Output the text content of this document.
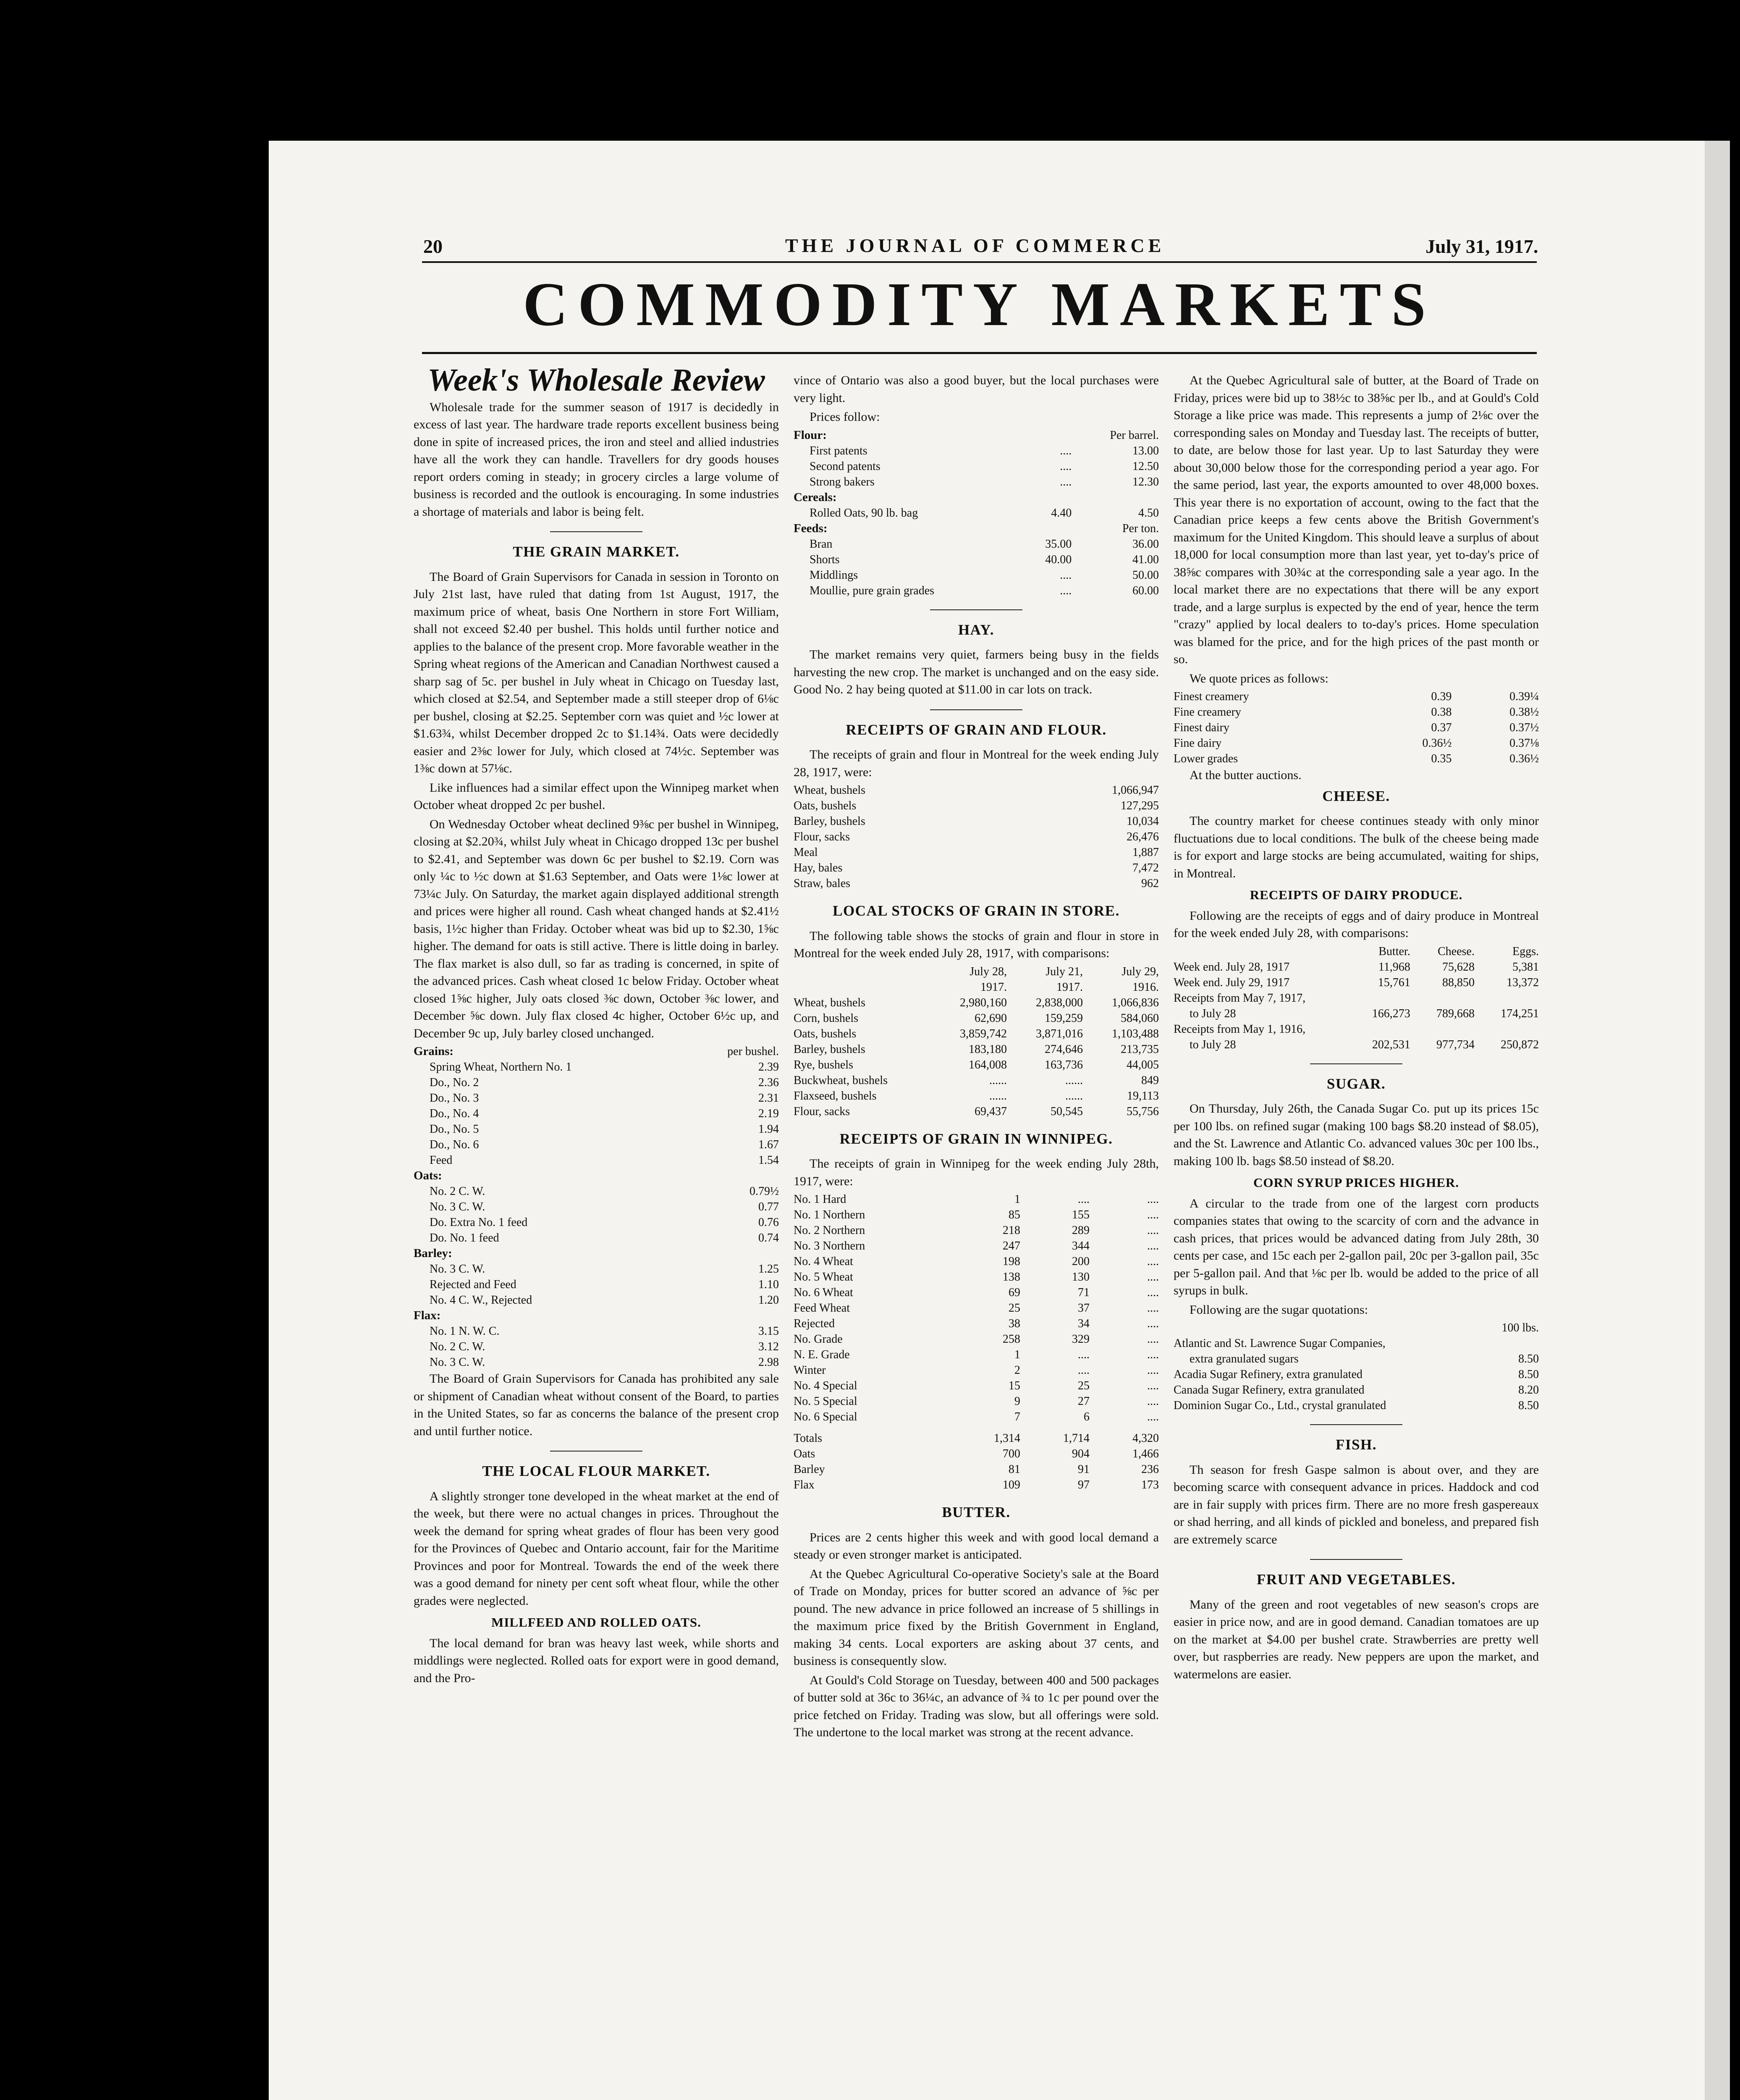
20	THE JOURNAL OF COMMERCE	July 31, 1917.
COMMODITY MARKETS
Week's Wholesale Review

Wholesale trade for the summer season of 1917 is decidedly in excess of last year. The hardware trade reports excellent business being done in spite of increased prices, the iron and steel and allied industries have all the work they can handle. Travellers for dry goods houses report orders coming in steady; in grocery circles a large volume of business is recorded and the outlook is encouraging. In some industries a shortage of materials and labor is being felt.

THE GRAIN MARKET.

The Board of Grain Supervisors for Canada in session in Toronto on July 21st last, have ruled that dating from 1st August, 1917, the maximum price of wheat, basis One Northern in store Fort William, shall not exceed $2.40 per bushel. This holds until further notice and applies to the balance of the present crop. More favorable weather in the Spring wheat regions of the American and Canadian Northwest caused a sharp sag of 5c. per bushel in July wheat in Chicago on Tuesday last, which closed at $2.54, and September made a still steeper drop of 6⅛c per bushel, closing at $2.25. September corn was quiet and ½c lower at $1.63¾, whilst December dropped 2c to $1.14¾. Oats were decidedly easier and 2⅜c lower for July, which closed at 74½c. September was 1⅜c down at 57⅛c.

Like influences had a similar effect upon the Winnipeg market when October wheat dropped 2c per bushel.

On Wednesday October wheat declined 9⅜c per bushel in Winnipeg, closing at $2.20¾, whilst July wheat in Chicago dropped 13c per bushel to $2.41, and September was down 6c per bushel to $2.19. Corn was only ¼c to ½c down at $1.63 September, and Oats were 1⅛c lower at 73¼c July. On Saturday, the market again displayed additional strength and prices were higher all round. Cash wheat changed hands at $2.41½ basis, 1½c higher than Friday. October wheat was bid up to $2.30, 1⅝c higher. The demand for oats is still active. There is little doing in barley. The flax market is also dull, so far as trading is concerned, in spite of the advanced prices. Cash wheat closed 1c below Friday. October wheat closed 1⅝c higher, July oats closed ⅜c down, October ⅜c lower, and December ⅝c down. July flax closed 4c higher, October 6½c up, and December 9c up, July barley closed unchanged.

Grains:	per bushel.
Spring Wheat, Northern No. 1	2.39
Do., No. 2	2.36
Do., No. 3	2.31
Do., No. 4	2.19
Do., No. 5	1.94
Do., No. 6	1.67
Feed	1.54
Oats:	
No. 2 C. W.	0.79½
No. 3 C. W.	0.77
Do. Extra No. 1 feed	0.76
Do. No. 1 feed	0.74
Barley:	
No. 3 C. W.	1.25
Rejected and Feed	1.10
No. 4 C. W., Rejected	1.20
Flax:	
No. 1 N. W. C.	3.15
No. 2 C. W.	3.12
No. 3 C. W.	2.98

The Board of Grain Supervisors for Canada has prohibited any sale or shipment of Canadian wheat without consent of the Board, to parties in the United States, so far as concerns the balance of the present crop and until further notice.

THE LOCAL FLOUR MARKET.

A slightly stronger tone developed in the wheat market at the end of the week, but there were no actual changes in prices. Throughout the week the demand for spring wheat grades of flour has been very good for the Provinces of Quebec and Ontario account, fair for the Maritime Provinces and poor for Montreal. Towards the end of the week there was a good demand for ninety per cent soft wheat flour, while the other grades were neglected.

MILLFEED AND ROLLED OATS.

The local demand for bran was heavy last week, while shorts and middlings were neglected. Rolled oats for export were in good demand, and the Pro-

vince of Ontario was also a good buyer, but the local purchases were very light.

Prices follow:

Flour:		Per barrel.
First patents	....	13.00
Second patents	....	12.50
Strong bakers	....	12.30
Cereals:		
Rolled Oats, 90 lb. bag	4.40	4.50
Feeds:		Per ton.
Bran	35.00	36.00
Shorts	40.00	41.00
Middlings	....	50.00
Moullie, pure grain grades	....	60.00
HAY.

The market remains very quiet, farmers being busy in the fields harvesting the new crop. The market is unchanged and on the easy side. Good No. 2 hay being quoted at $11.00 in car lots on track.

RECEIPTS OF GRAIN AND FLOUR.

The receipts of grain and flour in Montreal for the week ending July 28, 1917, were:

Wheat, bushels	1,066,947
Oats, bushels	127,295
Barley, bushels	10,034
Flour, sacks	26,476
Meal	1,887
Hay, bales	7,472
Straw, bales	962
LOCAL STOCKS OF GRAIN IN STORE.

The following table shows the stocks of grain and flour in store in Montreal for the week ended July 28, 1917, with comparisons:

	July 28,	July 21,	July 29,
	1917.	1917.	1916.
Wheat, bushels	2,980,160	2,838,000	1,066,836
Corn, bushels	62,690	159,259	584,060
Oats, bushels	3,859,742	3,871,016	1,103,488
Barley, bushels	183,180	274,646	213,735
Rye, bushels	164,008	163,736	44,005
Buckwheat, bushels	......	......	849
Flaxseed, bushels	......	......	19,113
Flour, sacks	69,437	50,545	55,756
RECEIPTS OF GRAIN IN WINNIPEG.

The receipts of grain in Winnipeg for the week ending July 28th, 1917, were:

No. 1 Hard	1	....	....
No. 1 Northern	85	155	....
No. 2 Northern	218	289	....
No. 3 Northern	247	344	....
No. 4 Wheat	198	200	....
No. 5 Wheat	138	130	....
No. 6 Wheat	69	71	....
Feed Wheat	25	37	....
Rejected	38	34	....
No. Grade	258	329	....
N. E. Grade	1	....	....
Winter	2	....	....
No. 4 Special	15	25	....
No. 5 Special	9	27	....
No. 6 Special	7	6	....

Totals	1,314	1,714	4,320
Oats	700	904	1,466
Barley	81	91	236
Flax	109	97	173
BUTTER.

Prices are 2 cents higher this week and with good local demand a steady or even stronger market is anticipated.

At the Quebec Agricultural Co-operative Society's sale at the Board of Trade on Monday, prices for butter scored an advance of ⅝c per pound. The new advance in price followed an increase of 5 shillings in the maximum price fixed by the British Government in England, making 34 cents. Local exporters are asking about 37 cents, and business is consequently slow.

At Gould's Cold Storage on Tuesday, between 400 and 500 packages of butter sold at 36c to 36¼c, an advance of ¾ to 1c per pound over the price fetched on Friday. Trading was slow, but all offerings were sold. The undertone to the local market was strong at the recent advance.

At the Quebec Agricultural sale of butter, at the Board of Trade on Friday, prices were bid up to 38½c to 38⅝c per lb., and at Gould's Cold Storage a like price was made. This represents a jump of 2⅛c over the corresponding sales on Monday and Tuesday last. The receipts of butter, to date, are below those for last year. Up to last Saturday they were about 30,000 below those for the corresponding period a year ago. For the same period, last year, the exports amounted to over 48,000 boxes. This year there is no exportation of account, owing to the fact that the Canadian price keeps a few cents above the British Government's maximum for the United Kingdom. This should leave a surplus of about 18,000 for local consumption more than last year, yet to-day's price of 38⅝c compares with 30¾c at the corresponding sale a year ago. In the local market there are no expectations that there will be any export trade, and a large surplus is expected by the end of year, hence the term "crazy" applied by local dealers to to-day's prices. Home speculation was blamed for the price, and for the high prices of the past month or so.

We quote prices as follows:

Finest creamery	0.39	0.39¼
Fine creamery	0.38	0.38½
Finest dairy	0.37	0.37½
Fine dairy	0.36½	0.37⅛
Lower grades	0.35	0.36½

At the butter auctions.

CHEESE.

The country market for cheese continues steady with only minor fluctuations due to local conditions. The bulk of the cheese being made is for export and large stocks are being accumulated, waiting for ships, in Montreal.

RECEIPTS OF DAIRY PRODUCE.

Following are the receipts of eggs and of dairy produce in Montreal for the week ended July 28, with comparisons:

	Butter.	Cheese.	Eggs.
Week end. July 28, 1917	11,968	75,628	5,381
Week end. July 29, 1917	15,761	88,850	13,372
Receipts from May 7, 1917,			
to July 28	166,273	789,668	174,251
Receipts from May 1, 1916,			
to July 28	202,531	977,734	250,872
SUGAR.

On Thursday, July 26th, the Canada Sugar Co. put up its prices 15c per 100 lbs. on refined sugar (making 100 bags $8.20 instead of $8.05), and the St. Lawrence and Atlantic Co. advanced values 30c per 100 lbs., making 100 lb. bags $8.50 instead of $8.20.

CORN SYRUP PRICES HIGHER.

A circular to the trade from one of the largest corn products companies states that owing to the scarcity of corn and the advance in cash prices, that prices would be advanced dating from July 28th, 30 cents per case, and 15c each per 2-gallon pail, 20c per 3-gallon pail, 35c per 5-gallon pail. And that ⅛c per lb. would be added to the price of all syrups in bulk.

Following are the sugar quotations:

	100 lbs.
Atlantic and St. Lawrence Sugar Companies,	
extra granulated sugars	8.50
Acadia Sugar Refinery, extra granulated	8.50
Canada Sugar Refinery, extra granulated	8.20
Dominion Sugar Co., Ltd., crystal granulated	8.50
FISH.

Th season for fresh Gaspe salmon is about over, and they are becoming scarce with consequent advance in prices. Haddock and cod are in fair supply with prices firm. There are no more fresh gaspereaux or shad herring, and all kinds of pickled and boneless, and prepared fish are extremely scarce

FRUIT AND VEGETABLES.

Many of the green and root vegetables of new season's crops are easier in price now, and are in good demand. Canadian tomatoes are up on the market at $4.00 per bushel crate. Strawberries are pretty well over, but raspberries are ready. New peppers are upon the market, and watermelons are easier.
